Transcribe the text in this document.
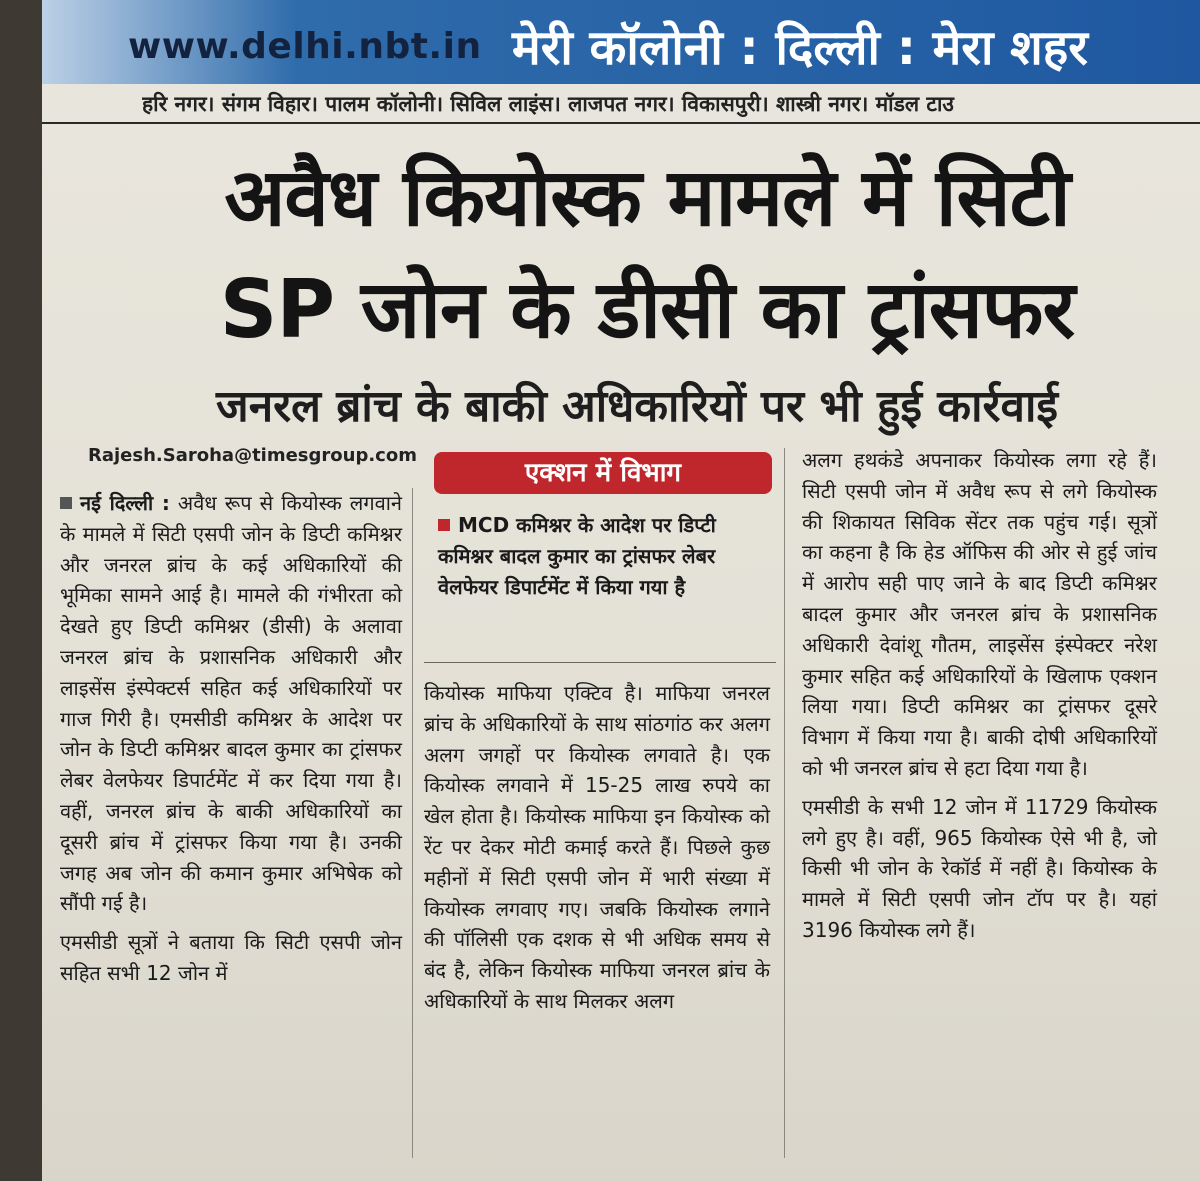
www.delhi.nbt.in मेरी कॉलोनी : दिल्ली : मेरा शहर
हरि नगर। संगम विहार। पालम कॉलोनी। सिविल लाइंस। लाजपत नगर। विकासपुरी। शास्त्री नगर। मॉडल टाउ
अवैध कियोस्क मामले में सिटी
SP जोन के डीसी का ट्रांसफर
जनरल ब्रांच के बाकी अधिकारियों पर भी हुई कार्रवाई
Rajesh.Saroha@timesgroup.com

नई दिल्ली : अवैध रूप से कियोस्क लगवाने के मामले में सिटी एसपी जोन के डिप्टी कमिश्नर और जनरल ब्रांच के कई अधिकारियों की भूमिका सामने आई है। मामले की गंभीरता को देखते हुए डिप्टी कमिश्नर (डीसी) के अलावा जनरल ब्रांच के प्रशासनिक अधिकारी और लाइसेंस इंस्पेक्टर्स सहित कई अधिकारियों पर गाज गिरी है। एमसीडी कमिश्नर के आदेश पर जोन के डिप्टी कमिश्नर बादल कुमार का ट्रांसफर लेबर वेलफेयर डिपार्टमेंट में कर दिया गया है। वहीं, जनरल ब्रांच के बाकी अधिकारियों का दूसरी ब्रांच में ट्रांसफर किया गया है। उनकी जगह अब जोन की कमान कुमार अभिषेक को सौंपी गई है।

एमसीडी सूत्रों ने बताया कि सिटी एसपी जोन सहित सभी 12 जोन में

एक्शन में विभाग
MCD कमिश्नर के आदेश पर डिप्टी कमिश्नर बादल कुमार का ट्रांसफर लेबर वेलफेयर डिपार्टमेंट में किया गया है

कियोस्क माफिया एक्टिव है। माफिया जनरल ब्रांच के अधिकारियों के साथ सांठगांठ कर अलग अलग जगहों पर कियोस्क लगवाते है। एक कियोस्क लगवाने में 15-25 लाख रुपये का खेल होता है। कियोस्क माफिया इन कियोस्क को रेंट पर देकर मोटी कमाई करते हैं। पिछले कुछ महीनों में सिटी एसपी जोन में भारी संख्या में कियोस्क लगवाए गए। जबकि कियोस्क लगाने की पॉलिसी एक दशक से भी अधिक समय से बंद है, लेकिन कियोस्क माफिया जनरल ब्रांच के अधिकारियों के साथ मिलकर अलग

अलग हथकंडे अपनाकर कियोस्क लगा रहे हैं। सिटी एसपी जोन में अवैध रूप से लगे कियोस्क की शिकायत सिविक सेंटर तक पहुंच गई। सूत्रों का कहना है कि हेड ऑफिस की ओर से हुई जांच में आरोप सही पाए जाने के बाद डिप्टी कमिश्नर बादल कुमार और जनरल ब्रांच के प्रशासनिक अधिकारी देवांशू गौतम, लाइसेंस इंस्पेक्टर नरेश कुमार सहित कई अधिकारियों के खिलाफ एक्शन लिया गया। डिप्टी कमिश्नर का ट्रांसफर दूसरे विभाग में किया गया है। बाकी दोषी अधिकारियों को भी जनरल ब्रांच से हटा दिया गया है।

एमसीडी के सभी 12 जोन में 11729 कियोस्क लगे हुए है। वहीं, 965 कियोस्क ऐसे भी है, जो किसी भी जोन के रेकॉर्ड में नहीं है। कियोस्क के मामले में सिटी एसपी जोन टॉप पर है। यहां 3196 कियोस्क लगे हैं।
